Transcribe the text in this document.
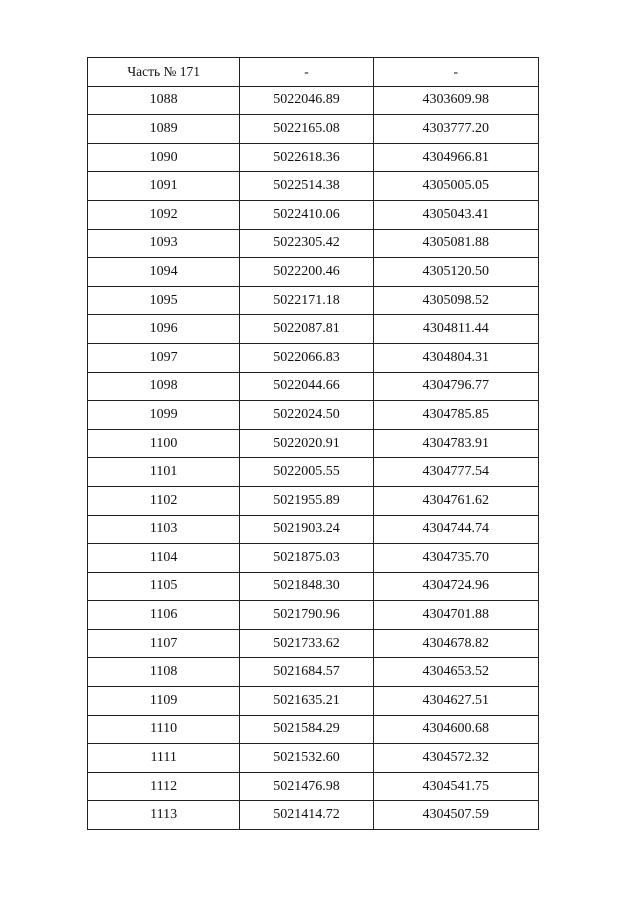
Часть № 171	-	-
1088	5022046.89	4303609.98
1089	5022165.08	4303777.20
1090	5022618.36	4304966.81
1091	5022514.38	4305005.05
1092	5022410.06	4305043.41
1093	5022305.42	4305081.88
1094	5022200.46	4305120.50
1095	5022171.18	4305098.52
1096	5022087.81	4304811.44
1097	5022066.83	4304804.31
1098	5022044.66	4304796.77
1099	5022024.50	4304785.85
1100	5022020.91	4304783.91
1101	5022005.55	4304777.54
1102	5021955.89	4304761.62
1103	5021903.24	4304744.74
1104	5021875.03	4304735.70
1105	5021848.30	4304724.96
1106	5021790.96	4304701.88
1107	5021733.62	4304678.82
1108	5021684.57	4304653.52
1109	5021635.21	4304627.51
1110	5021584.29	4304600.68
1111	5021532.60	4304572.32
1112	5021476.98	4304541.75
1113	5021414.72	4304507.59
